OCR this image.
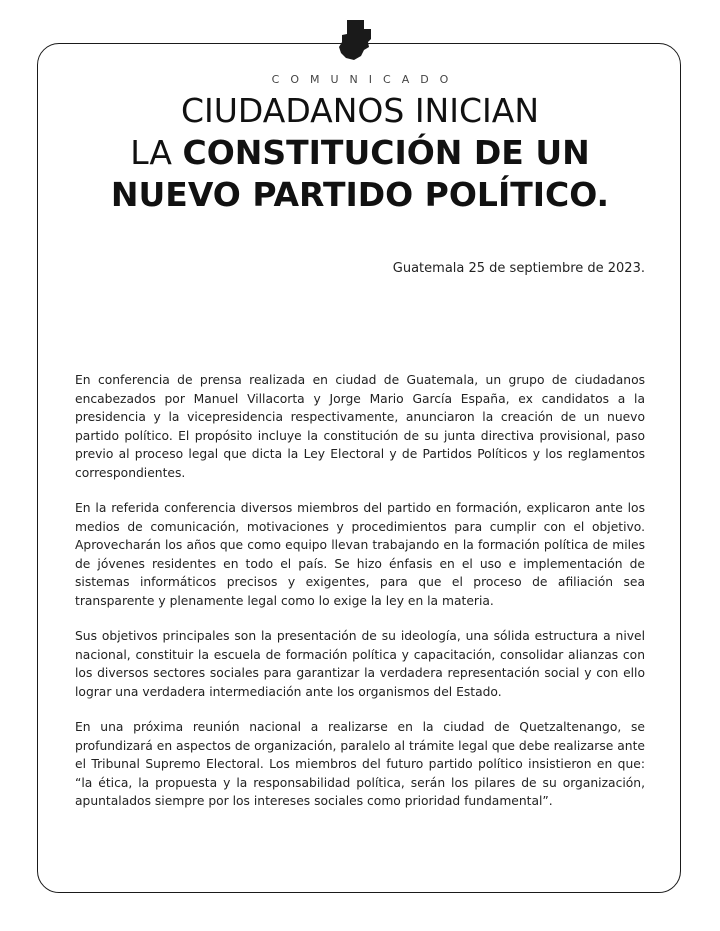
COMUNICADO
CIUDADANOS INICIAN
LA CONSTITUCIÓN DE UN
NUEVO PARTIDO POLÍTICO.
Guatemala 25 de septiembre de 2023.

En conferencia de prensa realizada en ciudad de Guatemala, un grupo de ciudadanos encabezados por Manuel Villacorta y Jorge Mario García España, ex candidatos a la presidencia y la vicepresidencia respectivamente, anunciaron la creación de un nuevo partido político. El propósito incluye la constitución de su junta directiva provisional, paso previo al proceso legal que dicta la Ley Electoral y de Partidos Políticos y los reglamentos correspondientes.

En la referida conferencia diversos miembros del partido en formación, explicaron ante los medios de comunicación, motivaciones y procedimientos para cumplir con el objetivo. Aprovecharán los años que como equipo llevan trabajando en la formación política de miles de jóvenes residentes en todo el país. Se hizo énfasis en el uso e implementación de sistemas informáticos precisos y exigentes, para que el proceso de afiliación sea transparente y plenamente legal como lo exige la ley en la materia.

Sus objetivos principales son la presentación de su ideología, una sólida estructura a nivel nacional, constituir la escuela de formación política y capacitación, consolidar alianzas con los diversos sectores sociales para garantizar la verdadera representación social y con ello lograr una verdadera intermediación ante los organismos del Estado.

En una próxima reunión nacional a realizarse en la ciudad de Quetzaltenango, se profundizará en aspectos de organización, paralelo al trámite legal que debe realizarse ante el Tribunal Supremo Electoral. Los miembros del futuro partido político insistieron en que: “la ética, la propuesta y la responsabilidad política, serán los pilares de su organización, apuntalados siempre por los intereses sociales como prioridad fundamental”.
